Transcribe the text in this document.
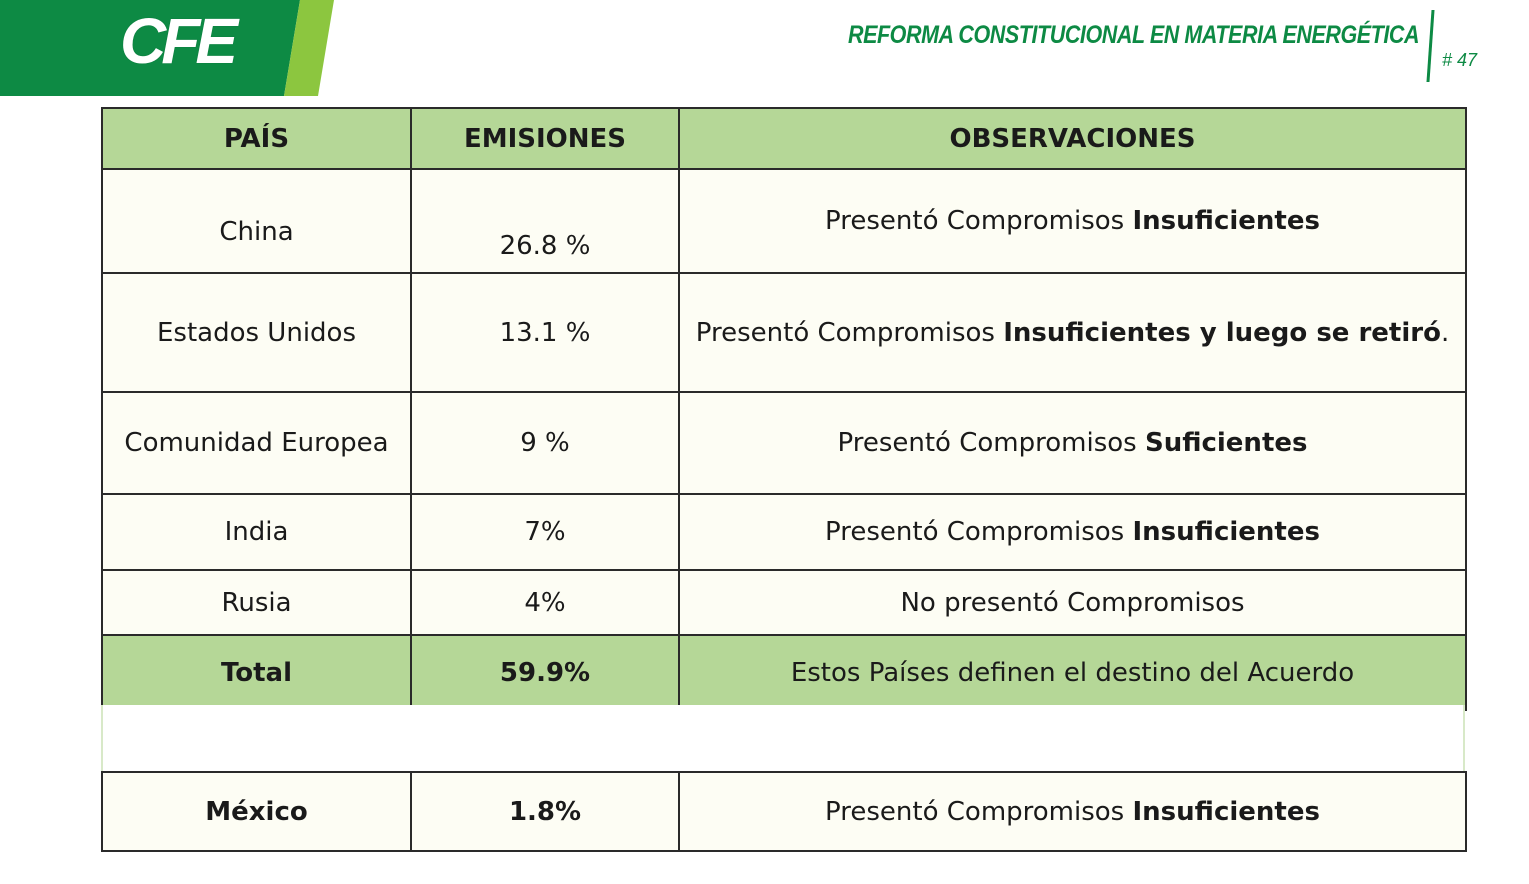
CFE	REFORMA CONSTITUCIONAL EN MATERIA ENERGÉTICA
# 47
PAÍS	EMISIONES	OBSERVACIONES
China	26.8 %	Presentó Compromisos Insuficientes
Estados Unidos	13.1 %	Presentó Compromisos Insuficientes y luego se retiró.
Comunidad Europea	9 %	Presentó Compromisos Suficientes
India	7%	Presentó Compromisos Insuficientes
Rusia	4%	No presentó Compromisos
Total	59.9%	Estos Países definen el destino del Acuerdo
México	1.8%	Presentó Compromisos Insuficientes
